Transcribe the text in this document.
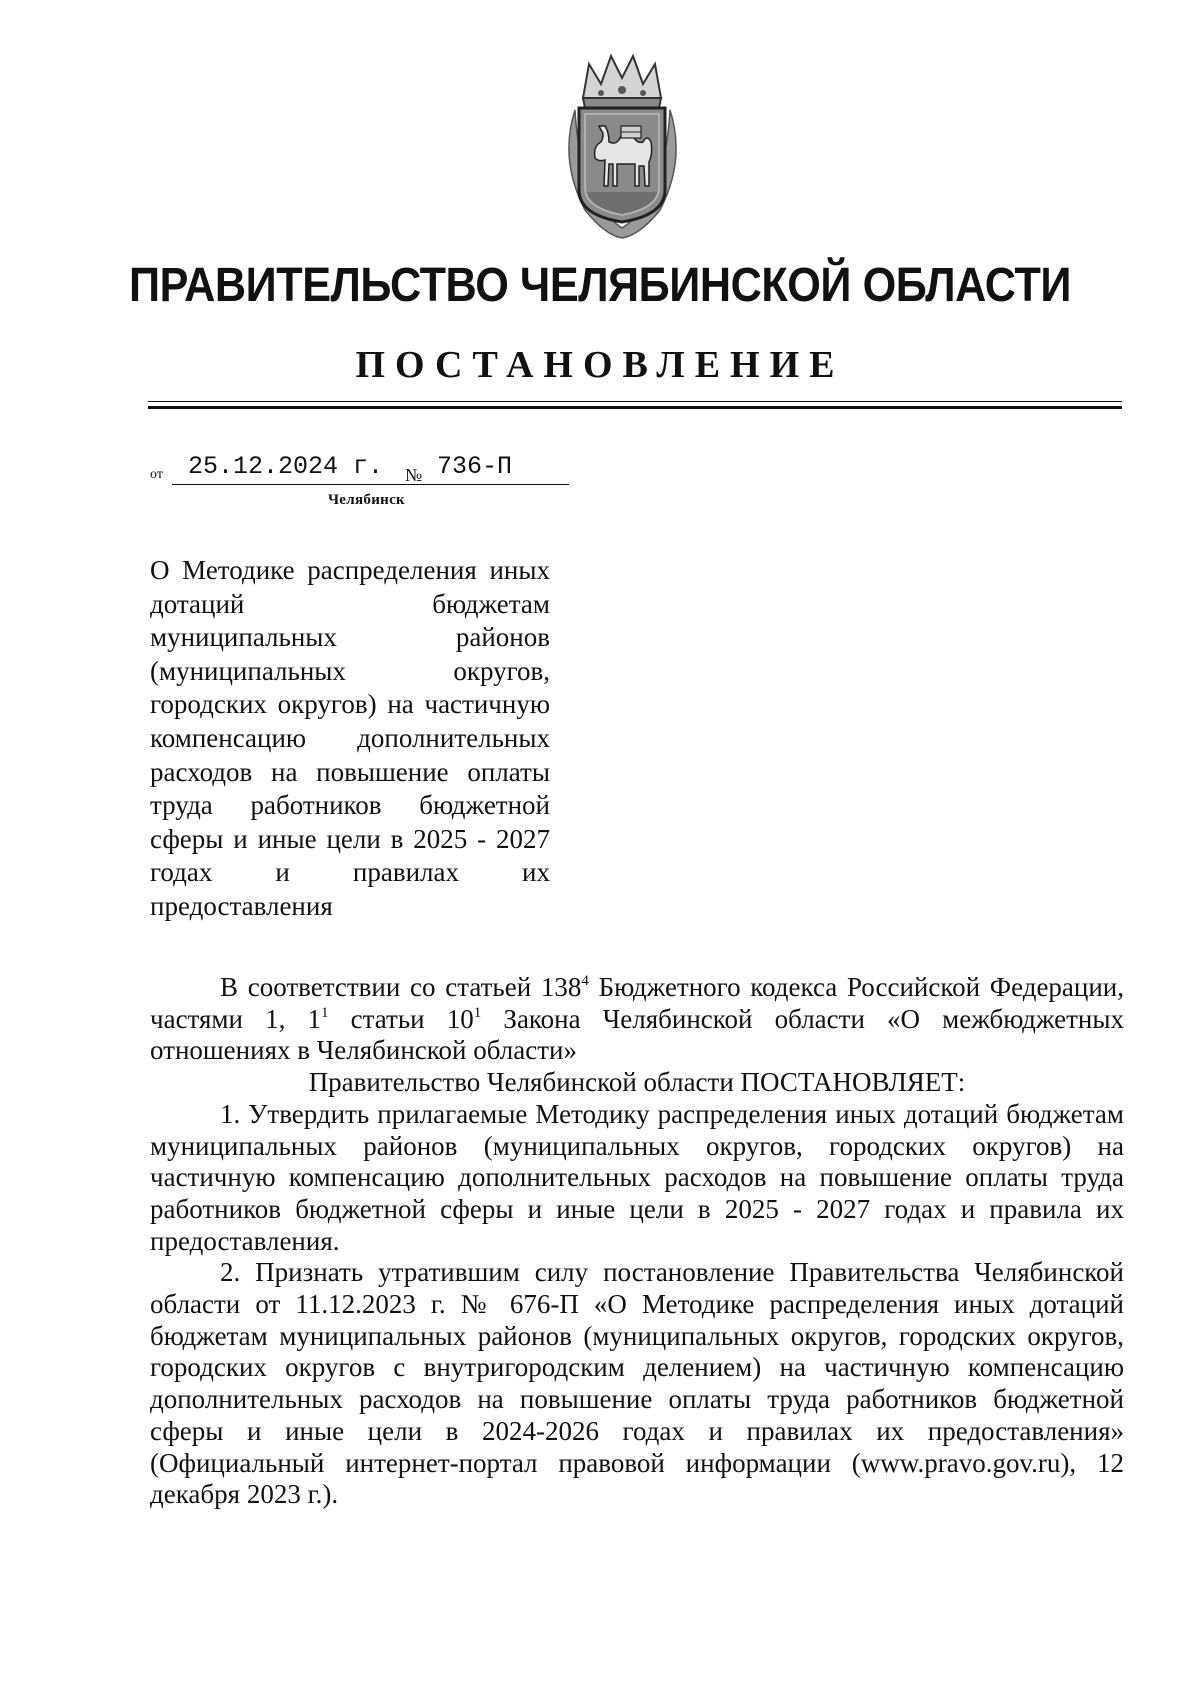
ПРАВИТЕЛЬСТВО ЧЕЛЯБИНСКОЙ ОБЛАСТИ
ПОСТАНОВЛЕНИЕ
от 25.12.2024 г. № 736-П
Челябинск
О Методике распределения иных дотаций бюджетам муниципальных районов (муниципальных округов, городских округов) на частичную компенсацию дополнительных расходов на повышение оплаты труда работников бюджетной сферы и иные цели в 2025 - 2027 годах и правилах их предоставления

В соответствии со статьей $138^4$ Бюджетного кодекса Российской Федерации, частями 1, $1^1$ статьи $10^1$ Закона Челябинской области «О межбюджетных отношениях в Челябинской области»

Правительство Челябинской области ПОСТАНОВЛЯЕТ:

1. Утвердить прилагаемые Методику распределения иных дотаций бюджетам муниципальных районов (муниципальных округов, городских округов) на частичную компенсацию дополнительных расходов на повышение оплаты труда работников бюджетной сферы и иные цели в 2025 - 2027 годах и правила их предоставления.

2. Признать утратившим силу постановление Правительства Челябинской области от 11.12.2023 г. № 676-П «О Методике распределения иных дотаций бюджетам муниципальных районов (муниципальных округов, городских округов, городских округов с внутригородским делением) на частичную компенсацию дополнительных расходов на повышение оплаты труда работников бюджетной сферы и иные цели в 2024-2026 годах и правилах их предоставления» (Официальный интернет-портал правовой информации (www.pravo.gov.ru), 12 декабря 2023 г.).
